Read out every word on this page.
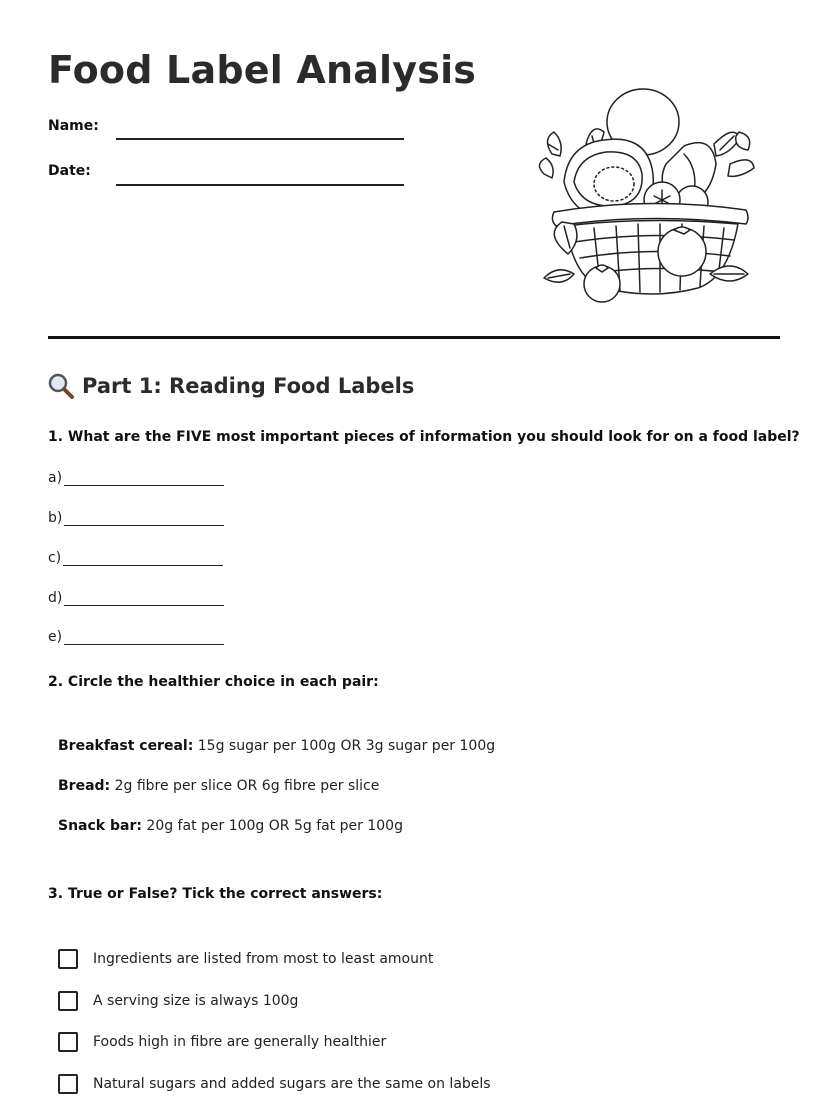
Food Label Analysis
Name:
Date:
Part 1: Reading Food Labels
1. What are the FIVE most important pieces of information you should look for on a food label?
a)
b)
c)
d)
e)
2. Circle the healthier choice in each pair:
Breakfast cereal: 15g sugar per 100g OR 3g sugar per 100g
Bread: 2g fibre per slice OR 6g fibre per slice
Snack bar: 20g fat per 100g OR 5g fat per 100g
3. True or False? Tick the correct answers:
Ingredients are listed from most to least amount
A serving size is always 100g
Foods high in fibre are generally healthier
Natural sugars and added sugars are the same on labels
